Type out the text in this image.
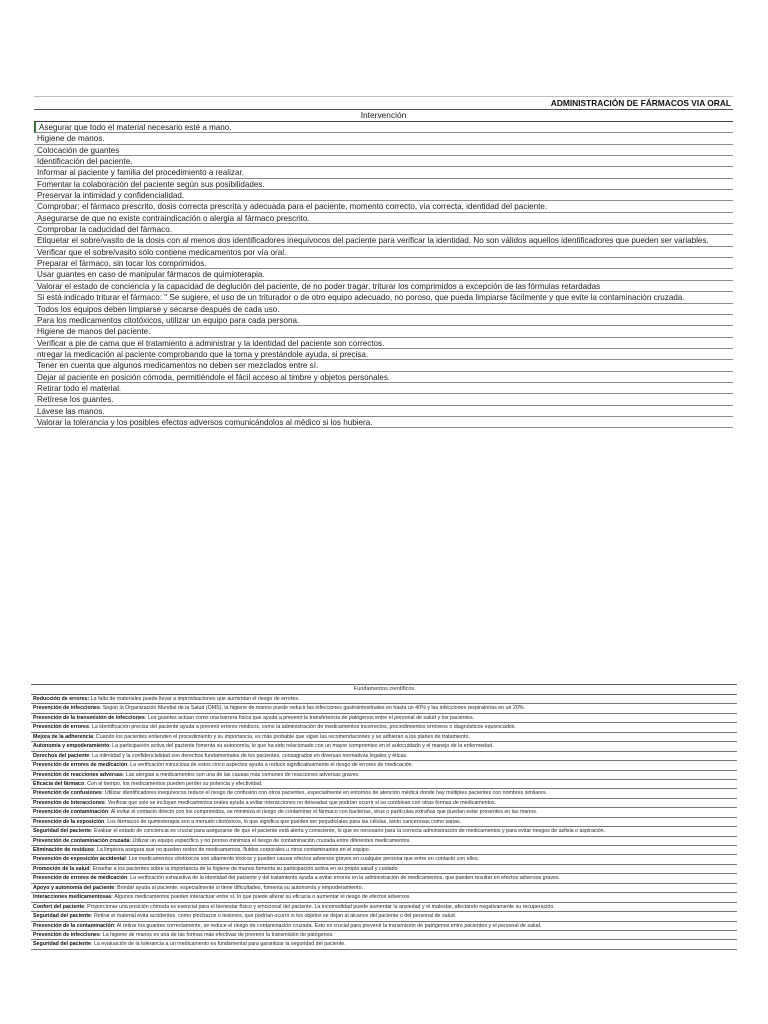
ADMINISTRACIÓN DE FÁRMACOS VIA ORAL
Intervención
Asegurar que todo el material necesario esté a mano.
Higiene de manos.
Colocación de guantes
Identificación del paciente.
Informar al paciente y familia del procedimiento a realizar.
Fomentar la colaboración del paciente según sus posibilidades.
Preservar la intimidad y confidencialidad.
Comprobar: el fármaco prescrito, dosis correcta prescrita y adecuada para el paciente, momento correcto, vía correcta, identidad del paciente.
Asegurarse de que no existe contraindicación o alergia al fármaco prescrito.
Comprobar la caducidad del fármaco.
Etiquetar el sobre/vasito de la dosis con al menos dos identificadores inequívocos del paciente para verificar la identidad. No son válidos aquellos identificadores que pueden ser variables.
Verificar que el sobre/vasito sólo contiene medicamentos por vía oral.
Preparar el fármaco, sin tocar los comprimidos.
Usar guantes en caso de manipular fármacos de quimioterapia.
Valorar el estado de conciencia y la capacidad de deglución del paciente, de no poder tragar, triturar los comprimidos a excepción de las fórmulas retardadas
Si está indicado triturar el fármaco: " Se sugiere, el uso de un triturador o de otro equipo adecuado, no poroso, que pueda limpiarse fácilmente y que evite la contaminación cruzada.
Todos los equipos deben limpiarse y secarse después de cada uso.
Para los medicamentos citotóxicos, utilizar un equipo para cada persona.
Higiene de manos del paciente.
Verificar a pie de cama que el tratamiento a administrar y la identidad del paciente son correctos.
ntregar la medicación al paciente comprobando que la toma y prestándole ayuda, si precisa.
Tener en cuenta que algunos medicamentos no deben ser mezclados entre sí.
Dejar al paciente en posición cómoda, permitiéndole el fácil acceso al timbre y objetos personales.
Retirar todo el material.
Retírese los guantes.
Lávese las manos.
Valorar la tolerancia y los posibles efectos adversos comunicándolos al médico si los hubiera.
Fundamentos científicos
Reducción de errores: La falta de materiales puede llevar a improvisaciones que aumentan el riesgo de errores.
Prevención de infecciones: Según la Organización Mundial de la Salud (OMS), la higiene de manos puede reducir las infecciones gastrointestinales en hasta un 40% y las infecciones respiratorias en un 20%.
Prevención de la transmisión de infecciones: Los guantes actúan como una barrera física que ayuda a prevenir la transferencia de patógenos entre el personal de salud y los pacientes.
Prevención de errores: La identificación precisa del paciente ayuda a prevenir errores médicos, como la administración de medicamentos incorrectos, procedimientos erróneos o diagnósticos equivocados.
Mejora de la adherencia: Cuando los pacientes entienden el procedimiento y su importancia, es más probable que sigan las recomendaciones y se adhieran a los planes de tratamiento.
Autonomía y empoderamiento: La participación activa del paciente fomenta su autonomía, lo que ha sido relacionado con un mayor compromiso en el autocuidado y el manejo de la enfermedad.
Derechos del paciente: La intimidad y la confidencialidad son derechos fundamentales de los pacientes, consagrados en diversas normativas legales y éticas.
Prevención de errores de medicación: La verificación minuciosa de estos cinco aspectos ayuda a reducir significativamente el riesgo de errores de medicación.
Prevención de reacciones adversas: Las alergias a medicamentos son una de las causas más comunes de reacciones adversas graves.
Eficacia del fármaco: Con el tiempo, los medicamentos pueden perder su potencia y efectividad.
Prevención de confusiones: Utilizar identificadores inequívocos reduce el riesgo de confusión con otros pacientes, especialmente en entornos de atención médica donde hay múltiples pacientes con nombres similares.
Prevención de interacciones: Verificar que solo se incluyan medicamentos orales ayuda a evitar interacciones no deseadas que podrían ocurrir si se combinan con otras formas de medicamentos.
Prevención de contaminación: Al evitar el contacto directo con los comprimidos, se minimiza el riesgo de contaminar el fármaco con bacterias, virus o partículas extrañas que puedan estar presentes en las manos.
Prevención de la exposición: Los fármacos de quimioterapia son a menudo citotóxicos, lo que significa que pueden ser perjudiciales para las células, tanto cancerosas como sanas.
Seguridad del paciente: Evaluar el estado de conciencia es crucial para asegurarse de que el paciente está alerta y consciente, lo que es necesario para la correcta administración de medicamentos y para evitar riesgos de asfixia o aspiración.
Prevención de contaminación cruzada: Utilizar un equipo específico y no poroso minimiza el riesgo de contaminación cruzada entre diferentes medicamentos.
Eliminación de residuos: La limpieza asegura que no queden restos de medicamentos, fluidos corporales u otros contaminantes en el equipo.
Prevención de exposición accidental: Los medicamentos citotóxicos son altamente tóxicos y pueden causar efectos adversos graves en cualquier persona que entre en contacto con ellos.
Promoción de la salud: Enseñar a los pacientes sobre la importancia de la higiene de manos fomenta su participación activa en su propia salud y cuidado
Prevención de errores de medicación: La verificación exhaustiva de la identidad del paciente y del tratamiento ayuda a evitar errores en la administración de medicamentos, que pueden resultar en efectos adversos graves.
Apoyo y autonomía del paciente: Brindar ayuda al paciente, especialmente si tiene dificultades, fomenta su autonomía y empoderamiento.
Interacciones medicamentosas: Algunos medicamentos pueden interactuar entre sí, lo que puede alterar su eficacia o aumentar el riesgo de efectos adversos.
Confort del paciente: Proporcionar una posición cómoda es esencial para el bienestar físico y emocional del paciente. La incomodidad puede aumentar la ansiedad y el malestar, afectando negativamente su recuperación.
Seguridad del paciente: Retirar el material evita accidentes, como pinchazos o lesiones, que podrían ocurrir si los objetos se dejan al alcance del paciente o del personal de salud.
Prevención de la contaminación: Al retirar los guantes correctamente, se reduce el riesgo de contaminación cruzada. Esto es crucial para prevenir la transmisión de patógenos entre pacientes y el personal de salud.
Prevención de infecciones: La higiene de manos es una de las formas más efectivas de prevenir la transmisión de patógenos.
Seguridad del paciente: La evaluación de la tolerancia a un medicamento es fundamental para garantizar la seguridad del paciente.
